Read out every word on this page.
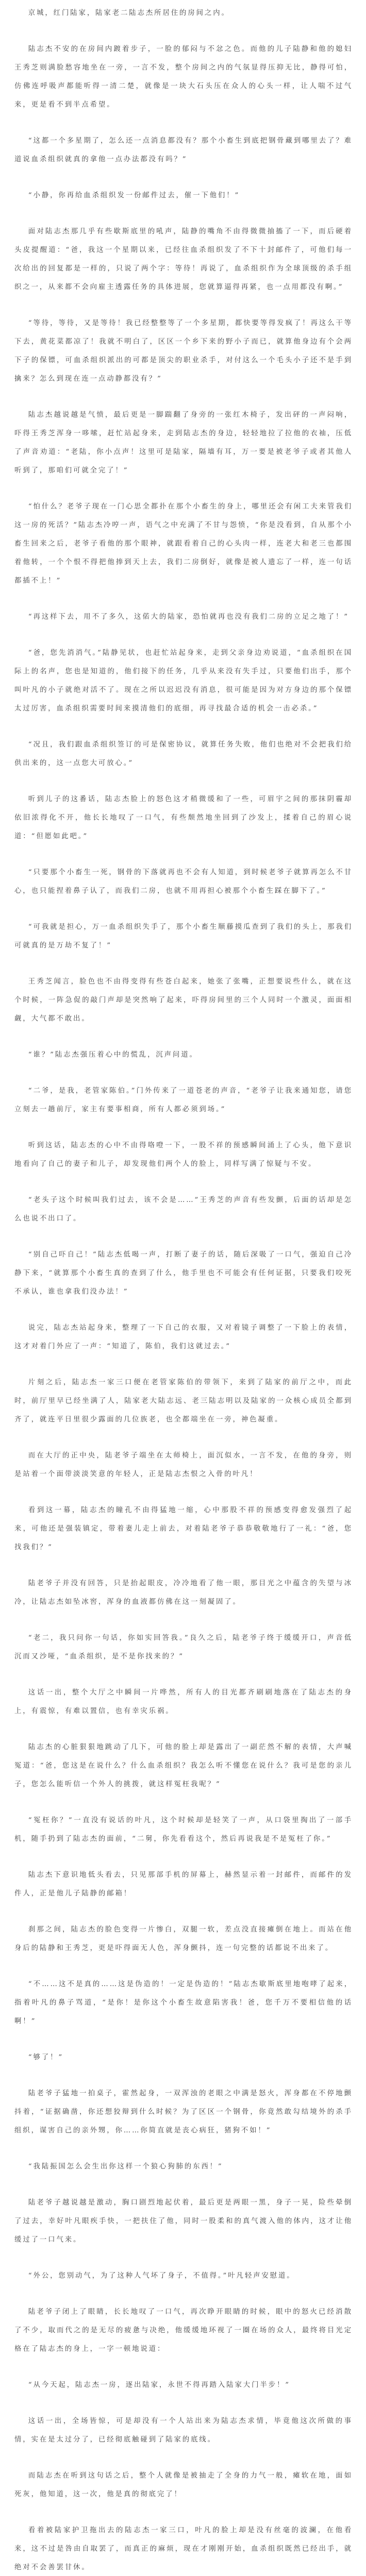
京城，红门陆家，陆家老二陆志杰所居住的房间之内。

陆志杰不安的在房间内踱着步子，一脸的郁闷与不忿之色。而他的儿子陆静和他的媳妇王秀芝则满脸愁容地坐在一旁，一言不发，整个房间之内的气氛显得压抑无比，静得可怕，仿佛连呼吸声都能听得一清二楚，就像是一块大石头压在众人的心头一样，让人喘不过气来，更是看不到半点希望。

“这都一个多星期了，怎么还一点消息都没有？那个小畜生到底把钢骨藏到哪里去了？难道说血杀组织就真的拿他一点办法都没有吗？”

“小静，你再给血杀组织发一份邮件过去，催一下他们！”

面对陆志杰那几乎有些歇斯底里的吼声，陆静的嘴角不由得微微抽搐了一下，而后硬着头皮提醒道：“爸，我这一个星期以来，已经往血杀组织发了不下十封邮件了，可他们每一次给出的回复都是一样的，只说了两个字：等待！再说了，血杀组织作为全球顶级的杀手组织之一，从来都不会向雇主透露任务的具体进展，您就算逼得再紧，也一点用都没有啊。”

“等待，等待，又是等待！我已经整整等了一个多星期，都快要等得发疯了！再这么干等下去，黄花菜都凉了！我就不明白了，区区一个乡下来的野小子而已，就算他身边有个会两下子的保镖，可血杀组织派出的可都是顶尖的职业杀手，对付这么一个毛头小子还不是手到擒来？怎么到现在连一点动静都没有？”

陆志杰越说越是气愤，最后更是一脚踹翻了身旁的一张红木椅子，发出砰的一声闷响，吓得王秀芝浑身一哆嗦，赶忙站起身来，走到陆志杰的身边，轻轻地拉了拉他的衣袖，压低了声音劝道：“老陆，你小点声！这里可是陆家，隔墙有耳，万一要是被老爷子或者其他人听到了，那咱们可就全完了！”

“怕什么？老爷子现在一门心思全都扑在那个小畜生的身上，哪里还会有闲工夫来管我们这一房的死活？”陆志杰冷哼一声，语气之中充满了不甘与怨愤，“你是没看到，自从那个小畜生回来之后，老爷子看他的那个眼神，就跟看着自己的心头肉一样，连老大和老三也都围着他转，一个个恨不得把他捧到天上去，我们二房倒好，就像是被人遗忘了一样，连一句话都插不上！”

“再这样下去，用不了多久，这偌大的陆家，恐怕就再也没有我们二房的立足之地了！”

“爸，您先消消气。”陆静见状，也赶忙站起身来，走到父亲身边劝说道，“血杀组织在国际上的名声，您也是知道的，他们接下的任务，几乎从来没有失手过，只要他们出手，那个叫叶凡的小子就绝对活不了。现在之所以迟迟没有消息，很可能是因为对方身边的那个保镖太过厉害，血杀组织需要时间来摸清他们的底细，再寻找最合适的机会一击必杀。”

“况且，我们跟血杀组织签订的可是保密协议，就算任务失败，他们也绝对不会把我们给供出来的，这一点您大可放心。”

听到儿子的这番话，陆志杰脸上的怒色这才稍微缓和了一些，可眉宇之间的那抹阴霾却依旧浓得化不开，他长长地叹了一口气，有些颓然地坐回到了沙发上，揉着自己的眉心说道：“但愿如此吧。”

“只要那个小畜生一死，钢骨的下落就再也不会有人知道，到时候老爷子就算再怎么不甘心，也只能捏着鼻子认了，而我们二房，也就不用再担心被那个小畜生踩在脚下了。”

“可我就是担心，万一血杀组织失手了，那个小畜生顺藤摸瓜查到了我们的头上，那我们可就真的是万劫不复了！”

王秀芝闻言，脸色也不由得变得有些苍白起来，她张了张嘴，正想要说些什么，就在这个时候，一阵急促的敲门声却是突然响了起来，吓得房间里的三个人同时一个激灵，面面相觑，大气都不敢出。

“谁？”陆志杰强压着心中的慌乱，沉声问道。

“二爷，是我，老管家陈伯。”门外传来了一道苍老的声音，“老爷子让我来通知您，请您立刻去一趟前厅，家主有要事相商，所有人都必须到场。”

听到这话，陆志杰的心中不由得咯噔一下，一股不祥的预感瞬间涌上了心头，他下意识地看向了自己的妻子和儿子，却发现他们两个人的脸上，同样写满了惊疑与不安。

“老头子这个时候叫我们过去，该不会是……”王秀芝的声音有些发颤，后面的话却是怎么也说不出口了。

“别自己吓自己！”陆志杰低喝一声，打断了妻子的话，随后深吸了一口气，强迫自己冷静下来，“就算那个小畜生真的查到了什么，他手里也不可能会有任何证据，只要我们咬死不承认，谁也拿我们没办法！”

说完，陆志杰站起身来，整理了一下自己的衣服，又对着镜子调整了一下脸上的表情，这才对着门外应了一声：“知道了，陈伯，我们这就过去。”

片刻之后，陆志杰一家三口便在老管家陈伯的带领下，来到了陆家的前厅之中，而此时，前厅里早已经坐满了人，陆家老大陆志远、老三陆志明以及陆家的一众核心成员全都到齐了，就连平日里很少露面的几位族老，也全都端坐在一旁，神色凝重。

而在大厅的正中央，陆老爷子端坐在太师椅上，面沉似水，一言不发，在他的身旁，则是站着一个面带淡淡笑意的年轻人，正是陆志杰恨之入骨的叶凡！

看到这一幕，陆志杰的瞳孔不由得猛地一缩，心中那股不祥的预感变得愈发强烈了起来，可他还是强装镇定，带着妻儿走上前去，对着陆老爷子恭恭敬敬地行了一礼：“爸，您找我们？”

陆老爷子并没有回答，只是抬起眼皮，冷冷地看了他一眼，那目光之中蕴含的失望与冰冷，让陆志杰如坠冰窖，浑身的血液都仿佛在这一刻凝固了。

“老二，我只问你一句话，你如实回答我。”良久之后，陆老爷子终于缓缓开口，声音低沉而又沙哑，“血杀组织，是不是你找来的？”

这话一出，整个大厅之中瞬间一片哗然，所有人的目光都齐刷刷地落在了陆志杰的身上，有震惊，有难以置信，也有幸灾乐祸。

陆志杰的心脏狠狠地跳动了几下，可他的脸上却是露出了一副茫然不解的表情，大声喊冤道：“爸，您这是在说什么？什么血杀组织？我怎么听不懂您在说什么？我可是您的亲儿子，您怎么能听信一个外人的挑拨，就这样冤枉我呢？”

“冤枉你？”一直没有说话的叶凡，这个时候却是轻笑了一声，从口袋里掏出了一部手机，随手扔到了陆志杰的面前，“二舅，你先看看这个，然后再说我是不是冤枉了你。”

陆志杰下意识地低头看去，只见那部手机的屏幕上，赫然显示着一封邮件，而邮件的发件人，正是他儿子陆静的邮箱！

刹那之间，陆志杰的脸色变得一片惨白，双腿一软，差点没直接瘫倒在地上。而站在他身后的陆静和王秀芝，更是吓得面无人色，浑身颤抖，连一句完整的话都说不出来了。

“不……这不是真的……这是伪造的！一定是伪造的！”陆志杰歇斯底里地咆哮了起来，指着叶凡的鼻子骂道，“是你！是你这个小畜生故意陷害我！爸，您千万不要相信他的话啊！”

“够了！”

陆老爷子猛地一拍桌子，霍然起身，一双浑浊的老眼之中满是怒火，浑身都在不停地颤抖着，“证据确凿，你还想狡辩到什么时候？为了区区一个钢骨，你竟然敢勾结境外的杀手组织，谋害自己的亲外甥，你……你简直就是丧心病狂，猪狗不如！”

“我陆振国怎么会生出你这样一个狼心狗肺的东西！”

陆老爷子越说越是激动，胸口剧烈地起伏着，最后更是两眼一黑，身子一晃，险些晕倒了过去，幸好叶凡眼疾手快，一把扶住了他，同时一股柔和的真气渡入他的体内，这才让他缓过了一口气来。

“外公，您别动气，为了这种人气坏了身子，不值得。”叶凡轻声安慰道。

陆老爷子闭上了眼睛，长长地叹了一口气，再次睁开眼睛的时候，眼中的怒火已经消散了不少，取而代之的是无尽的疲惫与决绝，他缓缓地环视了一圈在场的众人，最终将目光定格在了陆志杰的身上，一字一顿地说道：

“从今天起，陆志杰一房，逐出陆家，永世不得再踏入陆家大门半步！”

这话一出，全场皆惊，可是却没有一个人站出来为陆志杰求情，毕竟他这次所做的事情，实在是太过分了，已经彻底触碰到了陆家的底线。

而陆志杰在听到这句话之后，整个人就像是被抽走了全身的力气一般，瘫软在地，面如死灰，他知道，这一次，他是真的彻底完了！

看着被陆家护卫拖出去的陆志杰一家三口，叶凡的脸上却是没有丝毫的波澜，在他看来，这不过是咎由自取罢了，而真正的麻烦，现在才刚刚开始，血杀组织既然已经出手，就绝对不会善罢甘休。
